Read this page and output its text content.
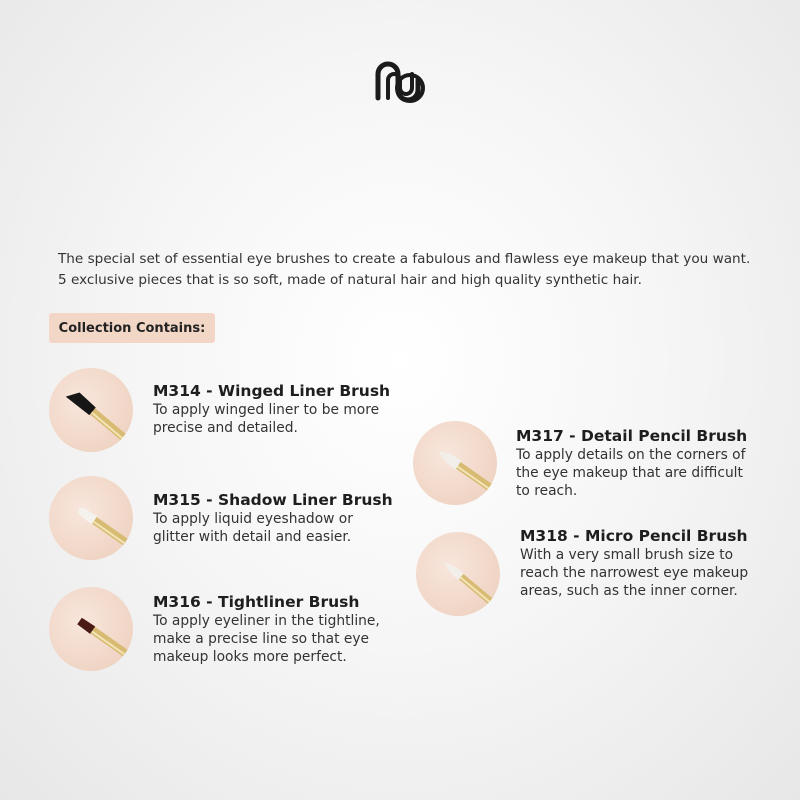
The special set of essential eye brushes to create a fabulous and flawless eye makeup that you want. 5 exclusive pieces that is so soft, made of natural hair and high quality synthetic hair.
Collection Contains:
M314 - Winged Liner Brush
To apply winged liner to be more precise and detailed.
M315 - Shadow Liner Brush
To apply liquid eyeshadow or glitter with detail and easier.
M316 - Tightliner Brush
To apply eyeliner in the tightline, make a precise line so that eye makeup looks more perfect.
M317 - Detail Pencil Brush
To apply details on the corners of the eye makeup that are difficult to reach.
M318 - Micro Pencil Brush
With a very small brush size to reach the narrowest eye makeup areas, such as the inner corner.
